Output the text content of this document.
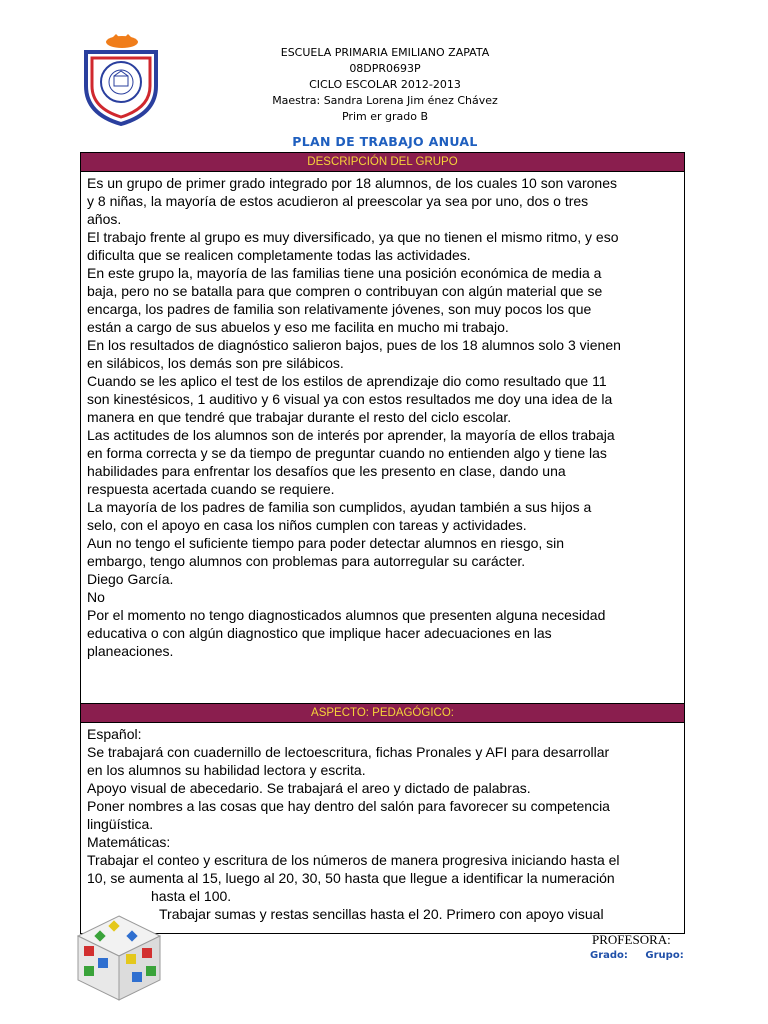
ESCUELA PRIMARIA EMILIANO ZAPATA
08DPR0693P
CICLO ESCOLAR 2012-2013
Maestra: Sandra Lorena Jim énez Chávez
Prim er grado B
PLAN DE TRABAJO ANUAL
DESCRIPCIÓN DEL GRUPO

Es un grupo de primer grado integrado por 18 alumnos, de los cuales 10 son varones

y 8 niñas, la mayoría de estos acudieron al preescolar ya sea por uno, dos o tres

años.

El trabajo frente al grupo es muy diversificado, ya que no tienen el mismo ritmo, y eso

dificulta que se realicen completamente todas las actividades.

En este grupo la, mayoría de las familias tiene una posición económica de media a

baja, pero no se batalla para que compren o contribuyan con algún material que se

encarga, los padres de familia son relativamente jóvenes, son muy pocos los que

están a cargo de sus abuelos y eso me facilita en mucho mi trabajo.

En los resultados de diagnóstico salieron bajos, pues de los 18 alumnos solo 3 vienen

en silábicos, los demás son pre silábicos.

Cuando se les aplico el test de los estilos de aprendizaje dio como resultado que 11

son kinestésicos, 1 auditivo y 6 visual ya con estos resultados me doy una idea de la

manera en que tendré que trabajar durante el resto del ciclo escolar.

Las actitudes de los alumnos son de interés por aprender, la mayoría de ellos trabaja

en forma correcta y se da tiempo de preguntar cuando no entienden algo y tiene las

habilidades para enfrentar los desafíos que les presento en clase, dando una

respuesta acertada cuando se requiere.

La mayoría de los padres de familia son cumplidos, ayudan también a sus hijos a

selo, con el apoyo en casa los niños cumplen con tareas y actividades.

Aun no tengo el suficiente tiempo para poder detectar alumnos en riesgo, sin

embargo, tengo alumnos con problemas para autorregular su carácter.

Diego García.

No

Por el momento no tengo diagnosticados alumnos que presenten alguna necesidad

educativa o con algún diagnostico que implique hacer adecuaciones en las

planeaciones.

ASPECTO: PEDAGÓGICO:

Español:

Se trabajará con cuadernillo de lectoescritura, fichas Pronales y AFI para desarrollar

en los alumnos su habilidad lectora y escrita.

Apoyo visual de abecedario. Se trabajará el areo y dictado de palabras.

Poner nombres a las cosas que hay dentro del salón para favorecer su competencia

lingüística.

Matemáticas:

Trabajar el conteo y escritura de los números de manera progresiva iniciando hasta el

10, se aumenta al 15, luego al 20, 30, 50 hasta que llegue a identificar la numeración

hasta el 100.

Trabajar sumas y restas sencillas hasta el 20. Primero con apoyo visual

PROFESORA:
Grado: Grupo:
